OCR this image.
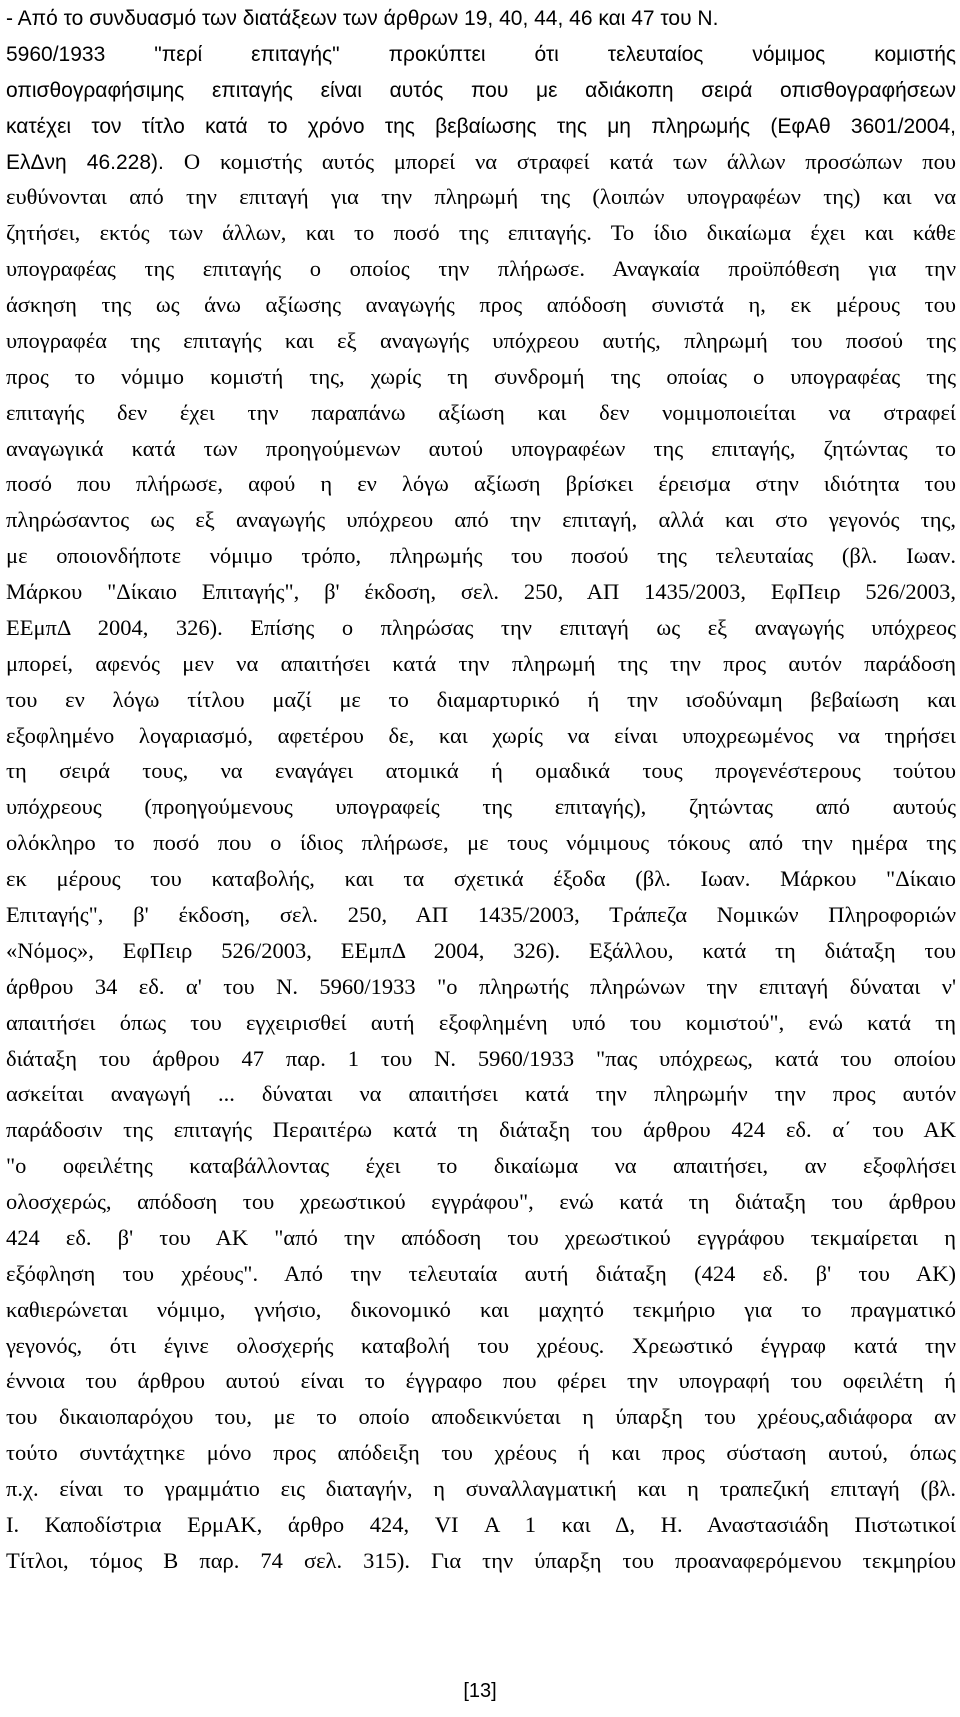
- Από το συνδυασμό των διατάξεων των άρθρων 19, 40, 44, 46 και 47 του Ν.
5960/1933 "περί επιταγής" προκύπτει ότι τελευταίος νόμιμος κομιστής
οπισθογραφήσιμης επιταγής είναι αυτός που με αδιάκοπη σειρά οπισθογραφήσεων
κατέχει τον τίτλο κατά το χρόνο της βεβαίωσης της μη πληρωμής (ΕφΑθ 3601/2004,
ΕλΔνη 46.228). Ο κομιστής αυτός μπορεί να στραφεί κατά των άλλων προσώπων που
ευθύνονται από την επιταγή για την πληρωμή της (λοιπών υπογραφέων της) και να
ζητήσει, εκτός των άλλων, και το ποσό της επιταγής. Το ίδιο δικαίωμα έχει και κάθε
υπογραφέας της επιταγής ο οποίος την πλήρωσε. Αναγκαία προϋπόθεση για την
άσκηση της ως άνω αξίωσης αναγωγής προς απόδοση συνιστά η, εκ μέρους του
υπογραφέα της επιταγής και εξ αναγωγής υπόχρεου αυτής, πληρωμή του ποσού της
προς το νόμιμο κομιστή της, χωρίς τη συνδρομή της οποίας ο υπογραφέας της
επιταγής δεν έχει την παραπάνω αξίωση και δεν νομιμοποιείται να στραφεί
αναγωγικά κατά των προηγούμενων αυτού υπογραφέων της επιταγής, ζητώντας το
ποσό που πλήρωσε, αφού η εν λόγω αξίωση βρίσκει έρεισμα στην ιδιότητα του
πληρώσαντος ως εξ αναγωγής υπόχρεου από την επιταγή, αλλά και στο γεγονός της,
με οποιονδήποτε νόμιμο τρόπο, πληρωμής του ποσού της τελευταίας (βλ. Ιωαν.
Μάρκου "Δίκαιο Επιταγής", β' έκδοση, σελ. 250, ΑΠ 1435/2003, ΕφΠειρ 526/2003,
ΕΕμπΔ 2004, 326). Επίσης ο πληρώσας την επιταγή ως εξ αναγωγής υπόχρεος
μπορεί, αφενός μεν να απαιτήσει κατά την πληρωμή της την προς αυτόν παράδοση
του εν λόγω τίτλου μαζί με το διαμαρτυρικό ή την ισοδύναμη βεβαίωση και
εξοφλημένο λογαριασμό, αφετέρου δε, και χωρίς να είναι υποχρεωμένος να τηρήσει
τη σειρά τους, να εναγάγει ατομικά ή ομαδικά τους προγενέστερους τούτου
υπόχρεους (προηγούμενους υπογραφείς της επιταγής), ζητώντας από αυτούς
ολόκληρο το ποσό που ο ίδιος πλήρωσε, με τους νόμιμους τόκους από την ημέρα της
εκ μέρους του καταβολής, και τα σχετικά έξοδα (βλ. Ιωαν. Μάρκου "Δίκαιο
Επιταγής", β' έκδοση, σελ. 250, ΑΠ 1435/2003, Τράπεζα Νομικών Πληροφοριών
«Νόμος», ΕφΠειρ 526/2003, ΕΕμπΔ 2004, 326). Εξάλλου, κατά τη διάταξη του
άρθρου 34 εδ. α' του Ν. 5960/1933 "ο πληρωτής πληρώνων την επιταγή δύναται ν'
απαιτήσει όπως του εγχειρισθεί αυτή εξοφλημένη υπό του κομιστού", ενώ κατά τη
διάταξη του άρθρου 47 παρ. 1 του Ν. 5960/1933 "πας υπόχρεως, κατά του οποίου
ασκείται αναγωγή ... δύναται να απαιτήσει κατά την πληρωμήν την προς αυτόν
παράδοσιν της επιταγής Περαιτέρω κατά τη διάταξη του άρθρου 424 εδ. α΄ του ΑΚ
"ο οφειλέτης καταβάλλοντας έχει το δικαίωμα να απαιτήσει, αν εξοφλήσει
ολοσχερώς, απόδοση του χρεωστικού εγγράφου", ενώ κατά τη διάταξη του άρθρου
424 εδ. β' του ΑΚ "από την απόδοση του χρεωστικού εγγράφου τεκμαίρεται η
εξόφληση του χρέους". Από την τελευταία αυτή διάταξη (424 εδ. β' του ΑΚ)
καθιερώνεται νόμιμο, γνήσιο, δικονομικό και μαχητό τεκμήριο για το πραγματικό
γεγονός, ότι έγινε ολοσχερής καταβολή του χρέους. Χρεωστικό έγγραφ κατά την
έννοια του άρθρου αυτού είναι το έγγραφο που φέρει την υπογραφή του οφειλέτη ή
του δικαιοπαρόχου του, με το οποίο αποδεικνύεται η ύπαρξη του χρέους,αδιάφορα αν
τούτο συντάχτηκε μόνο προς απόδειξη του χρέους ή και προς σύσταση αυτού, όπως
π.χ. είναι το γραμμάτιο εις διαταγήν, η συναλλαγματική και η τραπεζική επιταγή (βλ.
Ι. Καποδίστρια ΕρμΑΚ, άρθρο 424, VI Α 1 και Δ, Η. Αναστασιάδη Πιστωτικοί
Τίτλοι, τόμος Β παρ. 74 σελ. 315). Για την ύπαρξη του προαναφερόμενου τεκμηρίου
[13]
